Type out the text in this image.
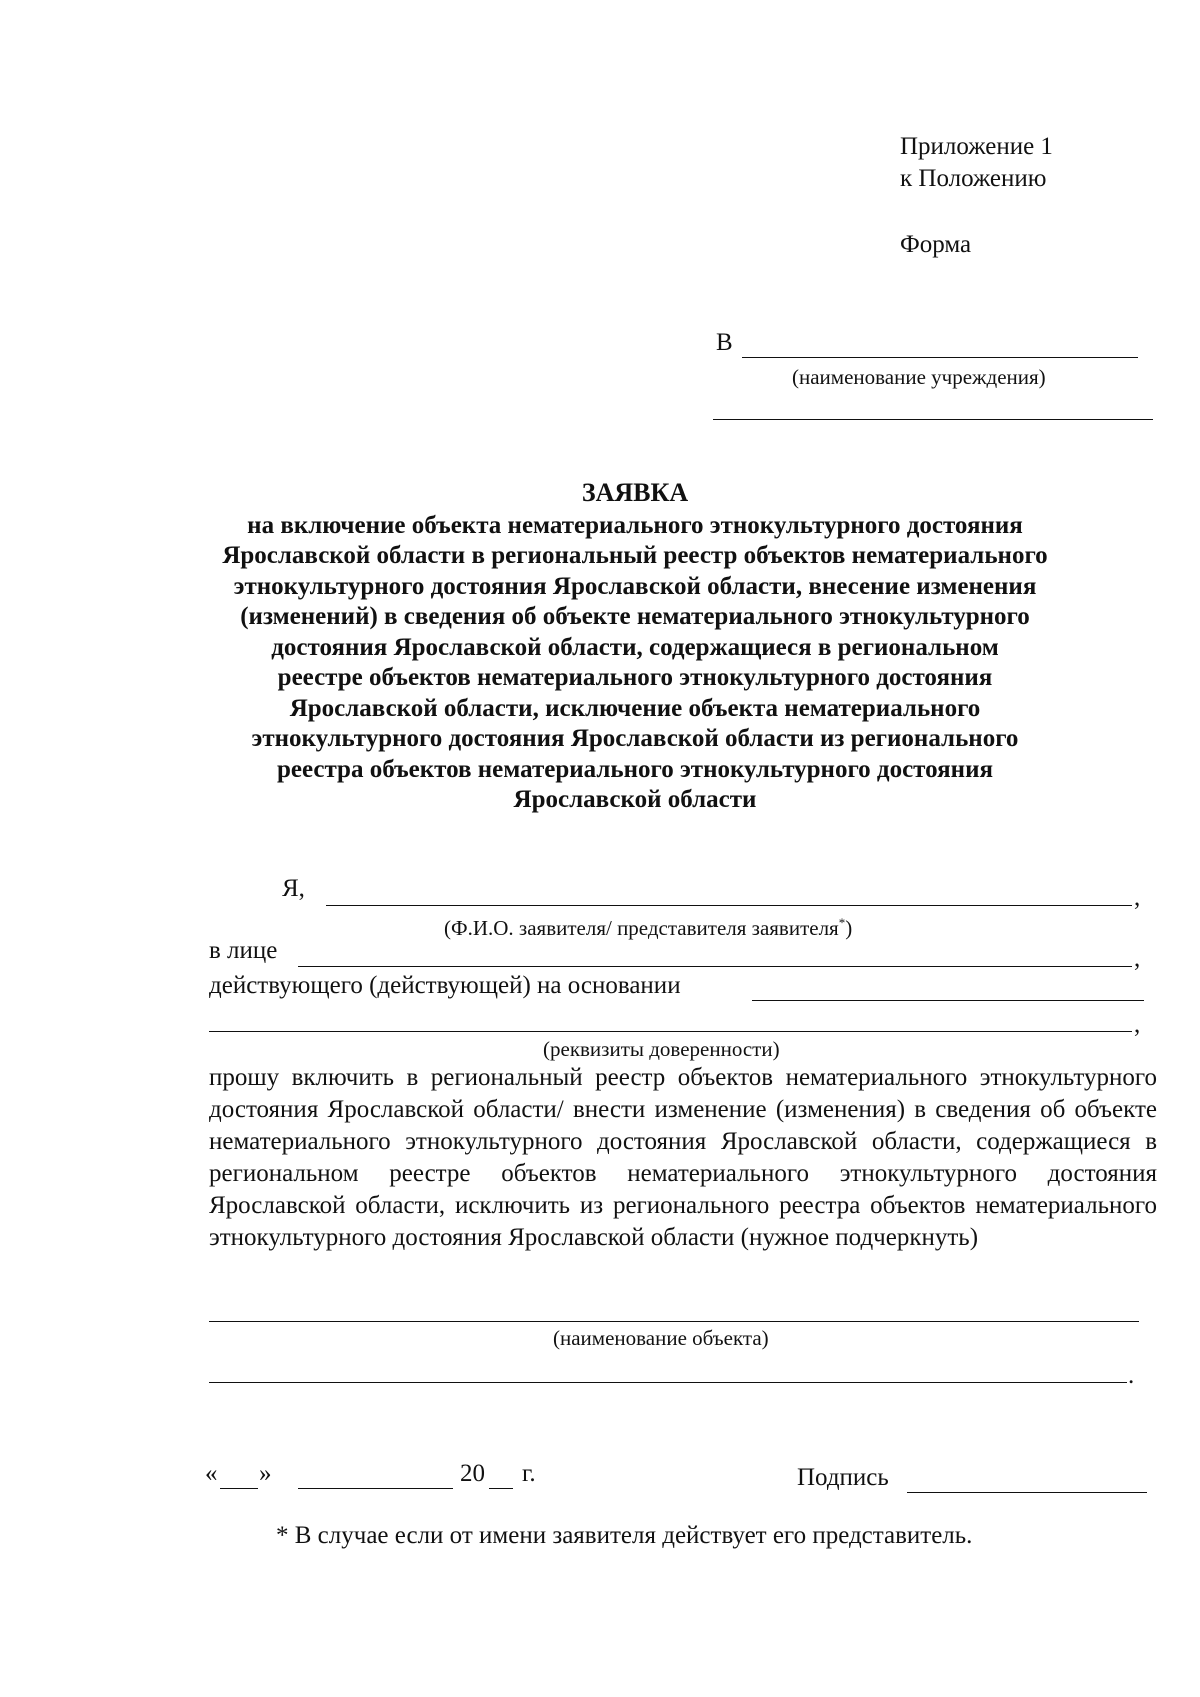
Приложение 1
к Положению
Форма
В
(наименование учреждения)
ЗАЯВКА
на включение объекта нематериального этнокультурного достояния
Ярославской области в региональный реестр объектов нематериального
этнокультурного достояния Ярославской области, внесение изменения
(изменений) в сведения об объекте нематериального этнокультурного
достояния Ярославской области, содержащиеся в региональном
реестре объектов нематериального этнокультурного достояния
Ярославской области, исключение объекта нематериального
этнокультурного достояния Ярославской области из регионального
реестра объектов нематериального этнокультурного достояния
Ярославской области
Я,	,
(Ф.И.О. заявителя/ представителя заявителя*)
в лице	,
действующего (действующей) на основании
,
(реквизиты доверенности)
прошу включить в региональный реестр объектов нематериального этнокультурного достояния Ярославской области/ внести изменение (изменения) в сведения об объекте нематериального этнокультурного достояния Ярославской области, содержащиеся в региональном реестре объектов нематериального этнокультурного достояния Ярославской области, исключить из регионального реестра объектов нематериального этнокультурного достояния Ярославской области (нужное подчеркнуть)
(наименование объекта)
.
« »	20 г.	Подпись
* В случае если от имени заявителя действует его представитель.
